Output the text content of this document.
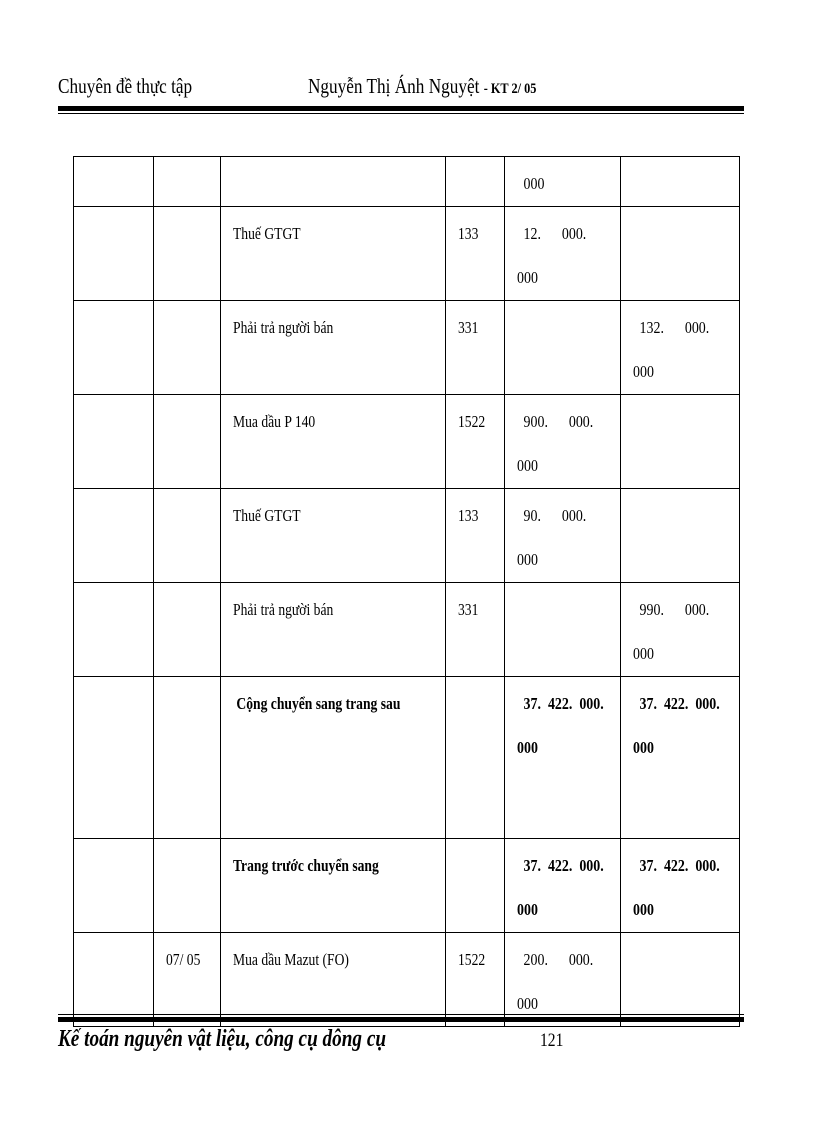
Chuyên đề thực tập	Nguyễn Thị Ánh Nguyệt - KT 2/ 05

				000	

		Thuế GTGT	133	12.      000.
000	

		Phải trả người bán	331		132.      000.
000

		Mua dầu P 140	1522	900.      000.
000	

		Thuế GTGT	133	90.      000.
000	

		Phải trả người bán	331		990.      000.
000

		Cộng chuyển sang trang sau		37.  422.  000.
000	37.  422.  000.
000

		Trang trước chuyển sang		37.  422.  000.
000	37.  422.  000.
000

	07/ 05	Mua dầu Mazut (FO)	1522	200.      000.
000	

Kế toán nguyên vật liệu, công cụ dông cụ	121
